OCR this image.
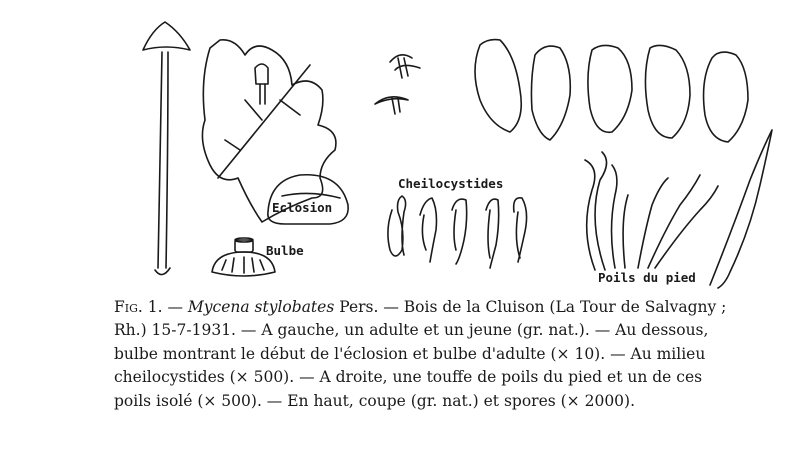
Cheilocystides
Eclosion
Bulbe
Poils du pied
Fig. 1. — Mycena stylobates Pers. — Bois de la Cluison (La Tour de Salvagny ;
Rh.) 15-7-1931. — A gauche, un adulte et un jeune (gr. nat.). — Au dessous,
bulbe montrant le début de l'éclosion et bulbe d'adulte (× 10). — Au milieu
cheilocystides (× 500). — A droite, une touffe de poils du pied et un de ces
poils isolé (× 500). — En haut, coupe (gr. nat.) et spores (× 2000).
